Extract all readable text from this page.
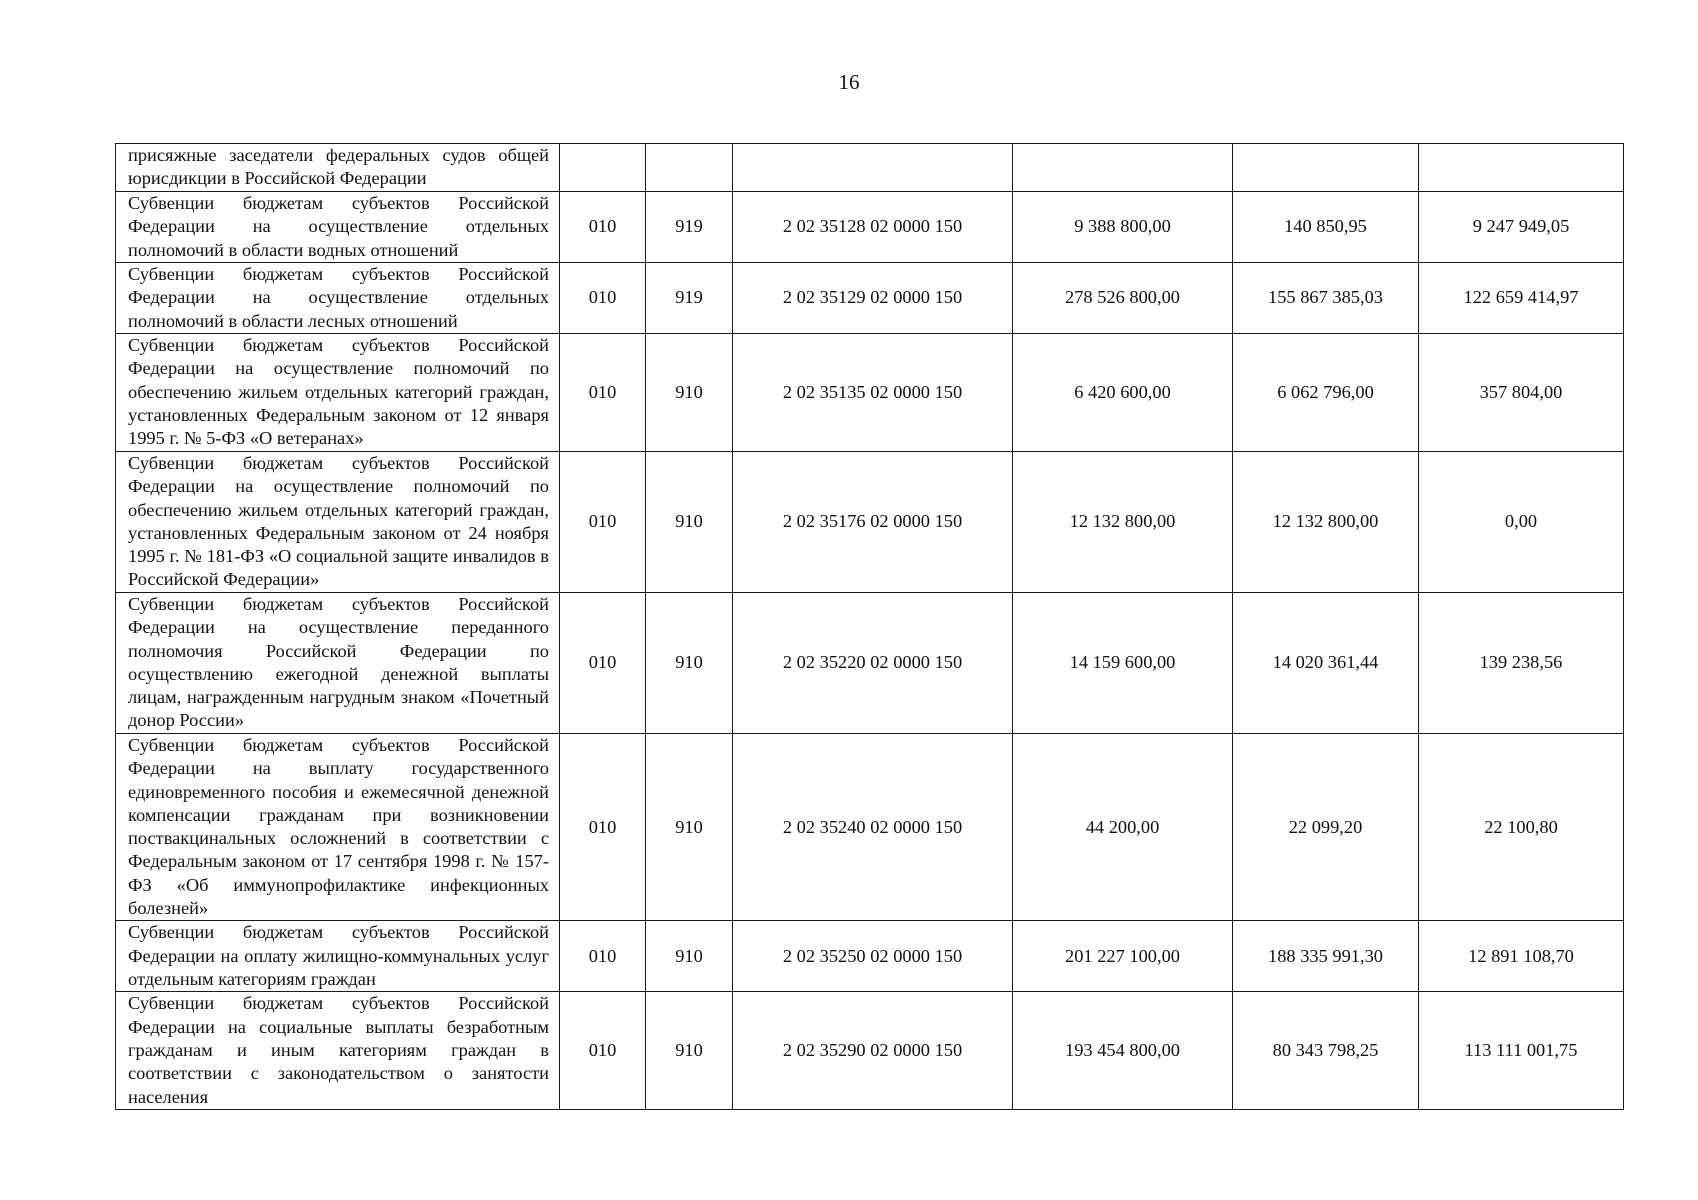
16
присяжные заседатели федеральных судов общей юрисдикции в Российской Федерации						
Субвенции бюджетам субъектов Российской Федерации на осуществление отдельных полномочий в области водных отношений	010	919	2 02 35128 02 0000 150	9 388 800,00	140 850,95	9 247 949,05
Субвенции бюджетам субъектов Российской Федерации на осуществление отдельных полномочий в области лесных отношений	010	919	2 02 35129 02 0000 150	278 526 800,00	155 867 385,03	122 659 414,97
Субвенции бюджетам субъектов Российской Федерации на осуществление полномочий по обеспечению жильем отдельных категорий граждан, установленных Федеральным законом от 12 января 1995 г. № 5-ФЗ «О ветеранах»	010	910	2 02 35135 02 0000 150	6 420 600,00	6 062 796,00	357 804,00
Субвенции бюджетам субъектов Российской Федерации на осуществление полномочий по обеспечению жильем отдельных категорий граждан, установленных Федеральным законом от 24 ноября 1995 г. № 181-ФЗ «О социальной защите инвалидов в Российской Федерации»	010	910	2 02 35176 02 0000 150	12 132 800,00	12 132 800,00	0,00
Субвенции бюджетам субъектов Российской Федерации на осуществление переданного полномочия Российской Федерации по осуществлению ежегодной денежной выплаты лицам, награжденным нагрудным знаком «Почетный донор России»	010	910	2 02 35220 02 0000 150	14 159 600,00	14 020 361,44	139 238,56
Субвенции бюджетам субъектов Российской Федерации на выплату государственного единовременного пособия и ежемесячной денежной компенсации гражданам при возникновении поствакцинальных осложнений в соответствии с Федеральным законом от 17 сентября 1998 г. № 157-ФЗ «Об иммунопрофилактике инфекционных болезней»	010	910	2 02 35240 02 0000 150	44 200,00	22 099,20	22 100,80
Субвенции бюджетам субъектов Российской Федерации на оплату жилищно-коммунальных услуг отдельным категориям граждан	010	910	2 02 35250 02 0000 150	201 227 100,00	188 335 991,30	12 891 108,70
Субвенции бюджетам субъектов Российской Федерации на социальные выплаты безработным гражданам и иным категориям граждан в соответствии с законодательством о занятости населения	010	910	2 02 35290 02 0000 150	193 454 800,00	80 343 798,25	113 111 001,75
